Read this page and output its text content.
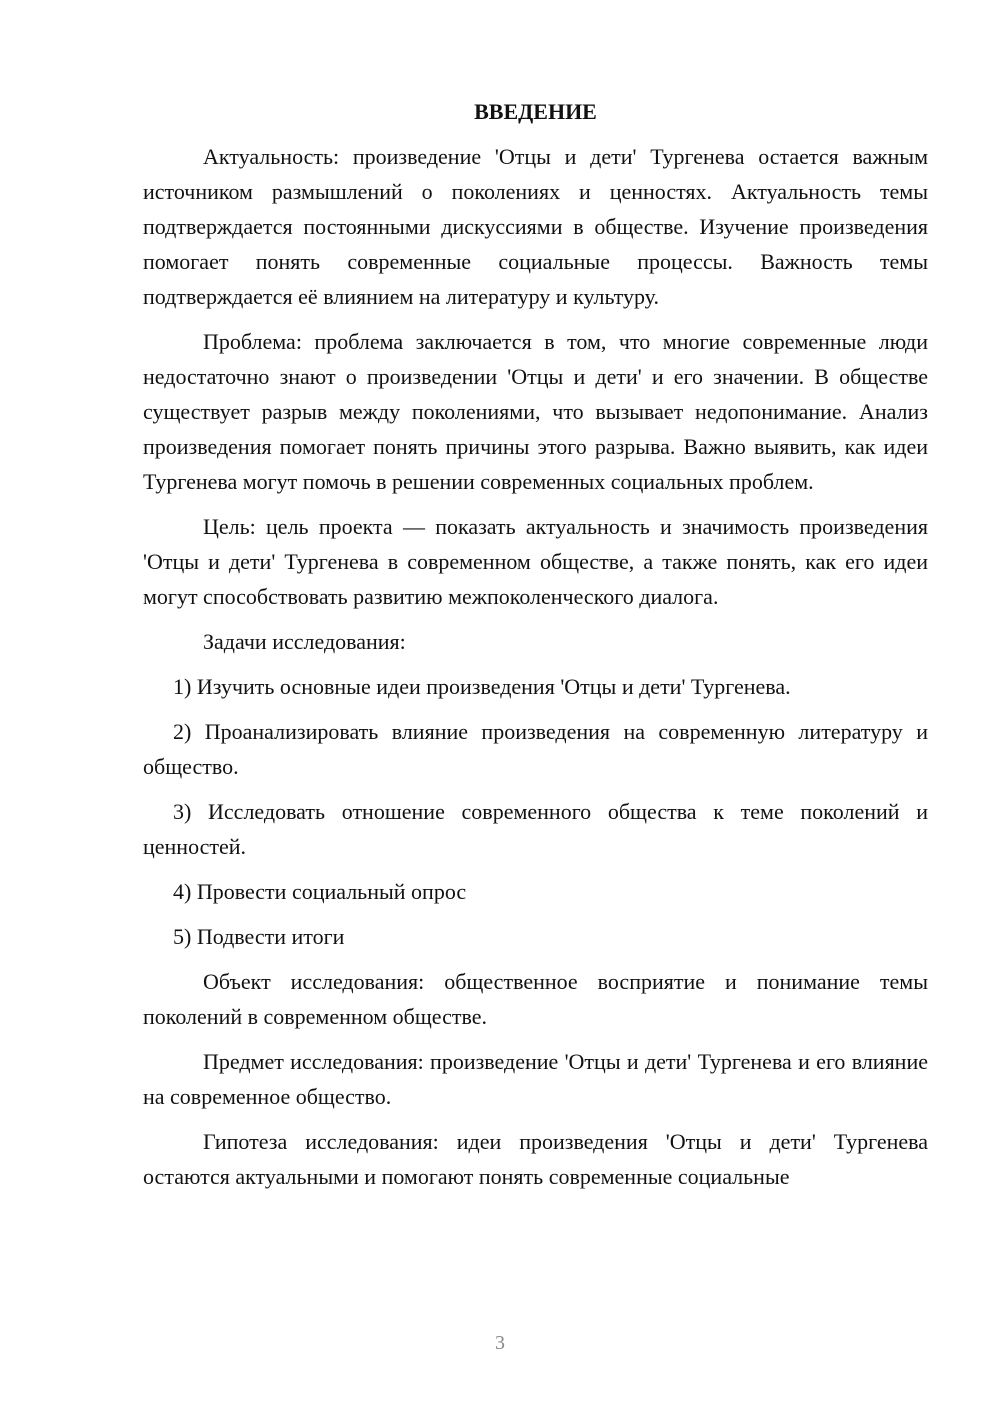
ВВЕДЕНИЕ

Актуальность: произведение 'Отцы и дети' Тургенева остается важным источником размышлений о поколениях и ценностях. Актуальность темы подтверждается постоянными дискуссиями в обществе. Изучение произведения помогает понять современные социальные процессы. Важность темы подтверждается её влиянием на литературу и культуру.

Проблема: проблема заключается в том, что многие современные люди недостаточно знают о произведении 'Отцы и дети' и его значении. В обществе существует разрыв между поколениями, что вызывает недопонимание. Анализ произведения помогает понять причины этого разрыва. Важно выявить, как идеи Тургенева могут помочь в решении современных социальных проблем.

Цель: цель проекта — показать актуальность и значимость произведения 'Отцы и дети' Тургенева в современном обществе, а также понять, как его идеи могут способствовать развитию межпоколенческого диалога.

Задачи исследования:

1) Изучить основные идеи произведения 'Отцы и дети' Тургенева.

2) Проанализировать влияние произведения на современную литературу и общество.

3) Исследовать отношение современного общества к теме поколений и ценностей.

4) Провести социальный опрос

5) Подвести итоги

Объект исследования: общественное восприятие и понимание темы поколений в современном обществе.

Предмет исследования: произведение 'Отцы и дети' Тургенева и его влияние на современное общество.

Гипотеза исследования: идеи произведения 'Отцы и дети' Тургенева остаются актуальными и помогают понять современные социальные

3
